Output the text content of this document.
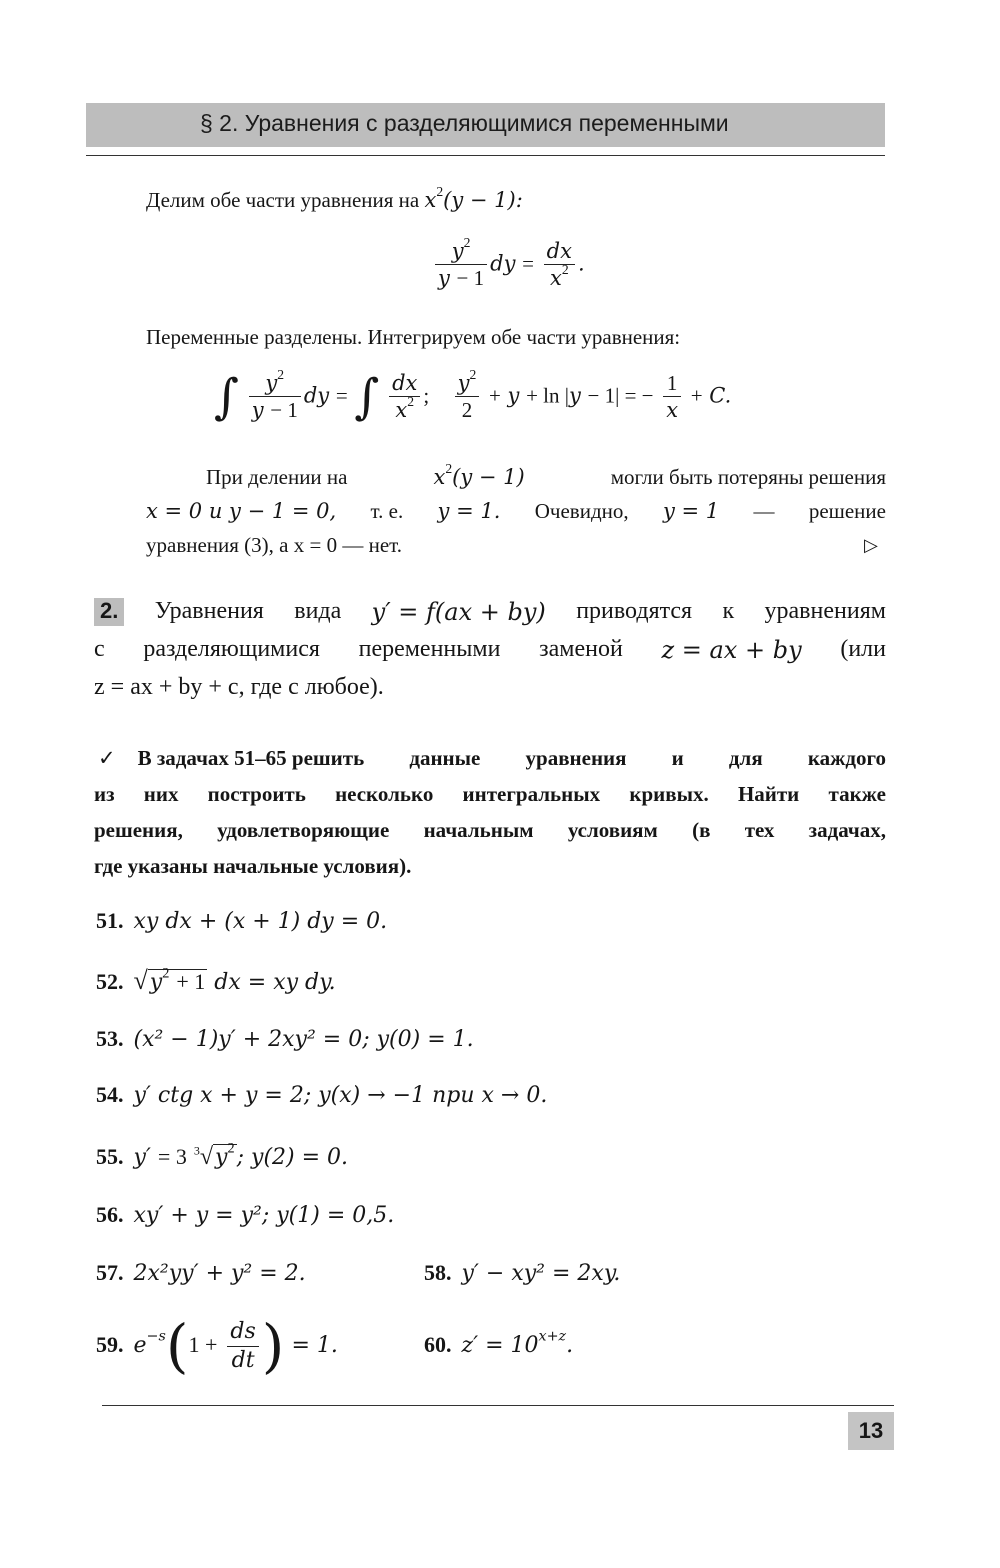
§ 2. Уравнения с разделяющимися переменными
Делим обе части уравнения на $x^2(y - 1)$:
$\frac{y^2}{y - 1}$ dy = $\frac{dx}{x^2}$ .
Переменные разделены. Интегрируем обе части уравнения:
∫ $\frac{y^2}{y - 1}$ dy = ∫ $\frac{dx}{x^2}$ ; $\frac{y^2}{2} + y + \ln |y - 1|$ = − $\frac{1}{x} + C$.
При делении на	$x^2(y - 1)$	могли быть потеряны решения
x = 0 и y − 1 = 0, т. е. y = 1. Очевидно, y = 1 — решение
уравнения (3), а x = 0 — нет.	▷
2. Уравнения вида y′ = f(ax + by) приводятся к уравнениям
с разделяющимися переменными заменой z = ax + by (или
z = ax + by + c, где c любое).
✓ В задачах 51–65 решить данные уравнения и для каждого
из них построить несколько интегральных кривых. Найти также
решения, удовлетворяющие начальным условиям (в тех задачах,
где указаны начальные условия).
51. xy dx + (x + 1) dy = 0.
52. $√y^2 + 1$ dx = xy dy.
53. (x² − 1)y′ + 2xy² = 0; y(0) = 1.
54. y′ ctg x + y = 2; y(x) → −1 при x → 0.
55. y′ = 3 $^3√y^2$; y(2) = 0.
56. xy′ + y = y²; y(1) = 0,5.
57. 2x²yy′ + y² = 2.	58. y′ − xy² = 2xy.
59. $e^{-s}(1 + \frac{ds}{dt}$ ) = 1.	60. $z' = 10^{x+z}$.
13
